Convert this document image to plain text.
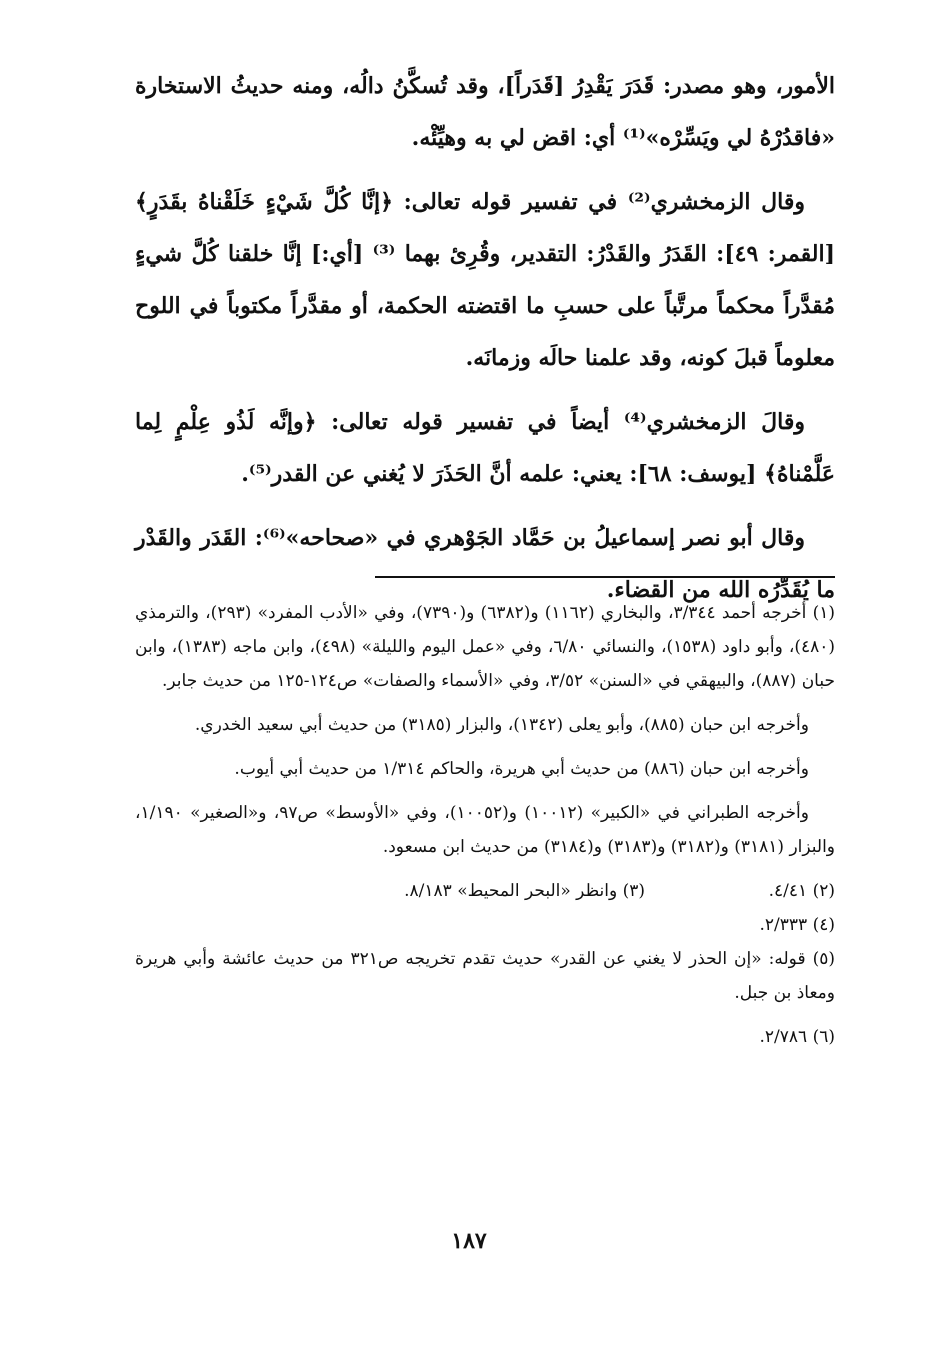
الأمور، وهو مصدر: قَدَرَ يَقْدِرُ [قَدَراً]، وقد تُسكَّنُ دالُه، ومنه حديثُ الاستخارة «فاقدُرْهُ لي ويَسِّرْه»⁽¹⁾ أي: اقض لي به وهيِّئْه.

وقال الزمخشري⁽²⁾ في تفسير قوله تعالى: ﴿إنَّا كُلَّ شَيْءٍ خَلَقْناهُ بقَدَرٍ﴾ [القمر: ٤٩]: القَدَرُ والقَدْرُ: التقدير، وقُرِئ بهما ⁽³⁾ [أي:] إنَّا خلقنا كُلَّ شيءٍ مُقدَّراً محكماً مرتَّباً على حسبِ ما اقتضته الحكمة، أو مقدَّراً مكتوباً في اللوح معلوماً قبلَ كونه، وقد علمنا حالَه وزمانَه.

وقالَ الزمخشري⁽⁴⁾ أيضاً في تفسير قوله تعالى: ﴿وإنَّه لَذُو عِلْمٍ لِما عَلَّمْناهُ﴾ [يوسف: ٦٨]: يعني: علمه أنَّ الحَذَرَ لا يُغني عن القدر⁽⁵⁾.

وقال أبو نصر إسماعيلُ بن حَمَّاد الجَوْهري في «صحاحه»⁽⁶⁾: القَدَر والقَدْر ما يُقَدِّرُه الله من القضاء.

(١) أخرجه أحمد ٣/٣٤٤، والبخاري (١١٦٢) و(٦٣٨٢) و(٧٣٩٠)، وفي «الأدب المفرد» (٢٩٣)، والترمذي (٤٨٠)، وأبو داود (١٥٣٨)، والنسائي ٦/٨٠، وفي «عمل اليوم والليلة» (٤٩٨)، وابن ماجه (١٣٨٣)، وابن حبان (٨٨٧)، والبيهقي في «السنن» ٣/٥٢، وفي «الأسماء والصفات» ص١٢٤-١٢٥ من حديث جابر.

وأخرجه ابن حبان (٨٨٥)، وأبو يعلى (١٣٤٢)، والبزار (٣١٨٥) من حديث أبي سعيد الخدري.

وأخرجه ابن حبان (٨٨٦) من حديث أبي هريرة، والحاكم ١/٣١٤ من حديث أبي أيوب.

وأخرجه الطبراني في «الكبير» (١٠٠١٢) و(١٠٠٥٢)، وفي «الأوسط» ص٩٧، و«الصغير» ١/١٩٠، والبزار (٣١٨١) و(٣١٨٢) و(٣١٨٣) و(٣١٨٤) من حديث ابن مسعود.

(٢) ٤/٤١.
(٣) وانظر «البحر المحيط» ٨/١٨٣.
(٤) ٢/٣٣٣.

(٥) قوله: «إن الحذر لا يغني عن القدر» حديث تقدم تخريجه ص٣٢١ من حديث عائشة وأبي هريرة ومعاذ بن جبل.

(٦) ٢/٧٨٦.
١٨٧
